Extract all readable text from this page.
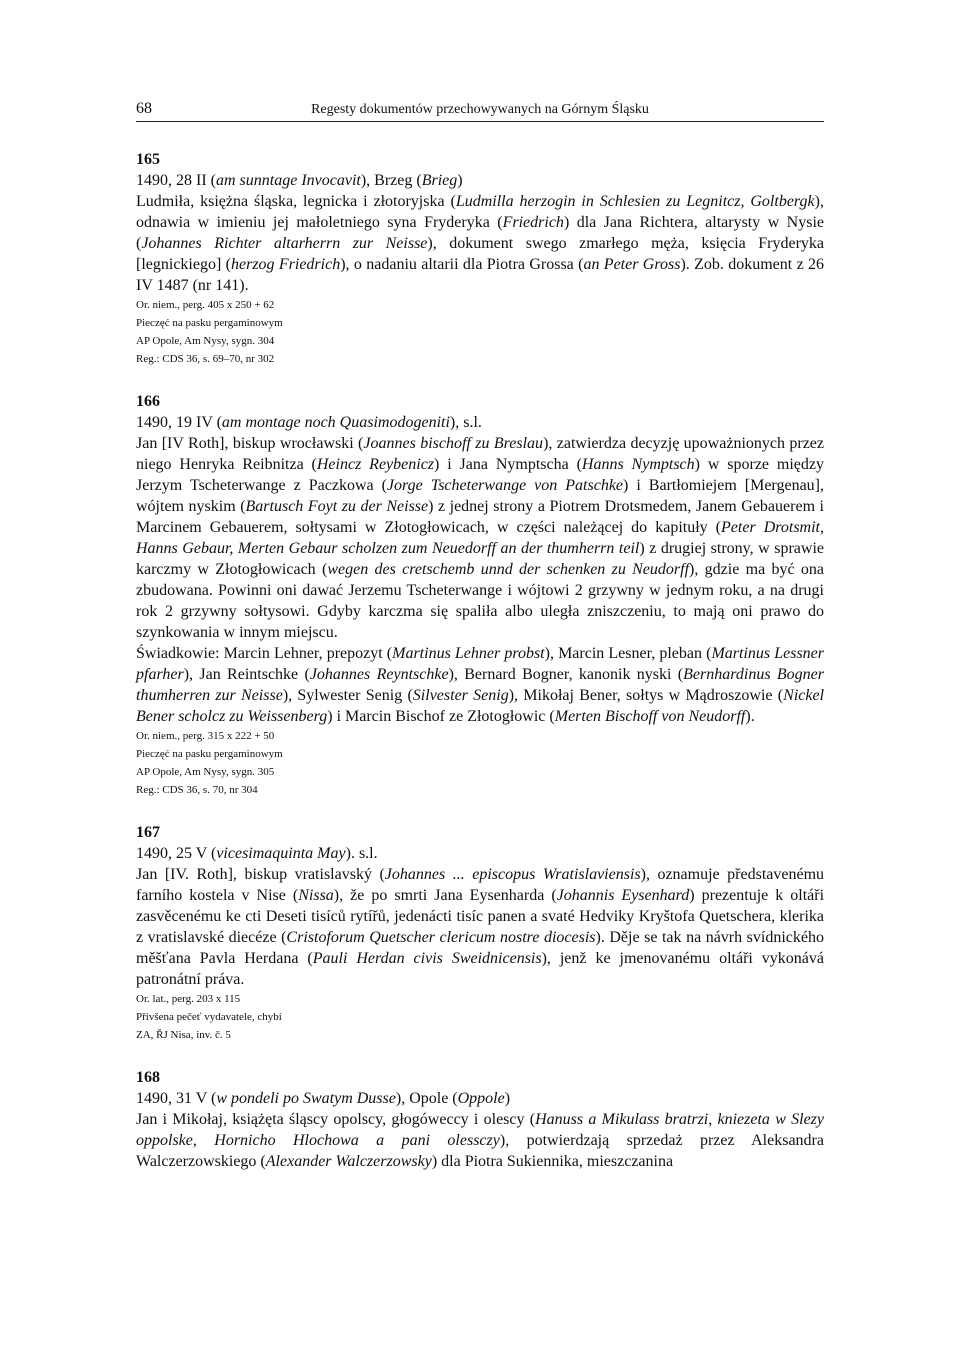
68	Regesty dokumentów przechowywanych na Górnym Śląsku
165

1490, 28 II (am sunntage Invocavit), Brzeg (Brieg)

Ludmiła, księżna śląska, legnicka i złotoryjska (Ludmilla herzogin in Schlesien zu Legnitcz, Goltbergk), odnawia w imieniu jej małoletniego syna Fryderyka (Friedrich) dla Jana Richtera, altarysty w Nysie (Johannes Richter altarherrn zur Neisse), dokument swego zmarłego męża, księcia Fryderyka [legnickiego] (herzog Friedrich), o nadaniu altarii dla Piotra Grossa (an Peter Gross). Zob. dokument z 26 IV 1487 (nr 141).

Or. niem., perg. 405 x 250 + 62
Pieczęć na pasku pergaminowym
AP Opole, Am Nysy, sygn. 304
Reg.: CDS 36, s. 69–70, nr 302
166

1490, 19 IV (am montage noch Quasimodogeniti), s.l.

Jan [IV Roth], biskup wrocławski (Joannes bischoff zu Breslau), zatwierdza decyzję upoważnionych przez niego Henryka Reibnitza (Heincz Reybenicz) i Jana Nymptscha (Hanns Nymptsch) w sporze między Jerzym Tscheterwange z Paczkowa (Jorge Tscheterwange von Patschke) i Bartłomiejem [Mergenau], wójtem nyskim (Bartusch Foyt zu der Neisse) z jednej strony a Piotrem Drotsmedem, Janem Gebauerem i Marcinem Gebauerem, sołtysami w Złotogłowicach, w części należącej do kapituły (Peter Drotsmit, Hanns Gebaur, Merten Gebaur scholzen zum Neuedorff an der thumherrn teil) z drugiej strony, w sprawie karczmy w Złotogłowicach (wegen des cretschemb unnd der schenken zu Neudorff), gdzie ma być ona zbudowana. Powinni oni dawać Jerzemu Tscheterwange i wójtowi 2 grzywny w jednym roku, a na drugi rok 2 grzywny sołtysowi. Gdyby karczma się spaliła albo uległa zniszczeniu, to mają oni prawo do szynkowania w innym miejscu.

Świadkowie: Marcin Lehner, prepozyt (Martinus Lehner probst), Marcin Lesner, pleban (Martinus Lessner pfarher), Jan Reintschke (Johannes Reyntschke), Bernard Bogner, kanonik nyski (Bernhardinus Bogner thumherren zur Neisse), Sylwester Senig (Silvester Senig), Mikołaj Bener, sołtys w Mądroszowie (Nickel Bener scholcz zu Weissenberg) i Marcin Bischof ze Złotogłowic (Merten Bischoff von Neudorff).

Or. niem., perg. 315 x 222 + 50
Pieczęć na pasku pergaminowym
AP Opole, Am Nysy, sygn. 305
Reg.: CDS 36, s. 70, nr 304
167

1490, 25 V (vicesimaquinta May). s.l.

Jan [IV. Roth], biskup vratislavský (Johannes ... episcopus Wratislaviensis), oznamuje představenému farního kostela v Nise (Nissa), že po smrti Jana Eysenharda (Johannis Eysenhard) prezentuje k oltáři zasvěcenému ke cti Deseti tisíců rytířů, jedenácti tisíc panen a svaté Hedviky Kryštofa Quetschera, klerika z vratislavské diecéze (Cristoforum Quetscher clericum nostre diocesis). Děje se tak na návrh svídnického měšťana Pavla Herdana (Pauli Herdan civis Sweidnicensis), jenž ke jmenovanému oltáři vykonává patronátní práva.

Or. lat., perg. 203 x 115
Přivšena pečeť vydavatele, chybí
ZA, ŘJ Nisa, inv. č. 5
168

1490, 31 V (w pondeli po Swatym Dusse), Opole (Oppole)

Jan i Mikołaj, książęta śląscy opolscy, głogóweccy i olescy (Hanuss a Mikulass bratrzi, kniezeta w Slezy oppolske, Hornicho Hlochowa a pani olessczy), potwierdzają sprzedaż przez Aleksandra Walczerzowskiego (Alexander Walczerzowsky) dla Piotra Sukiennika, mieszczanina
